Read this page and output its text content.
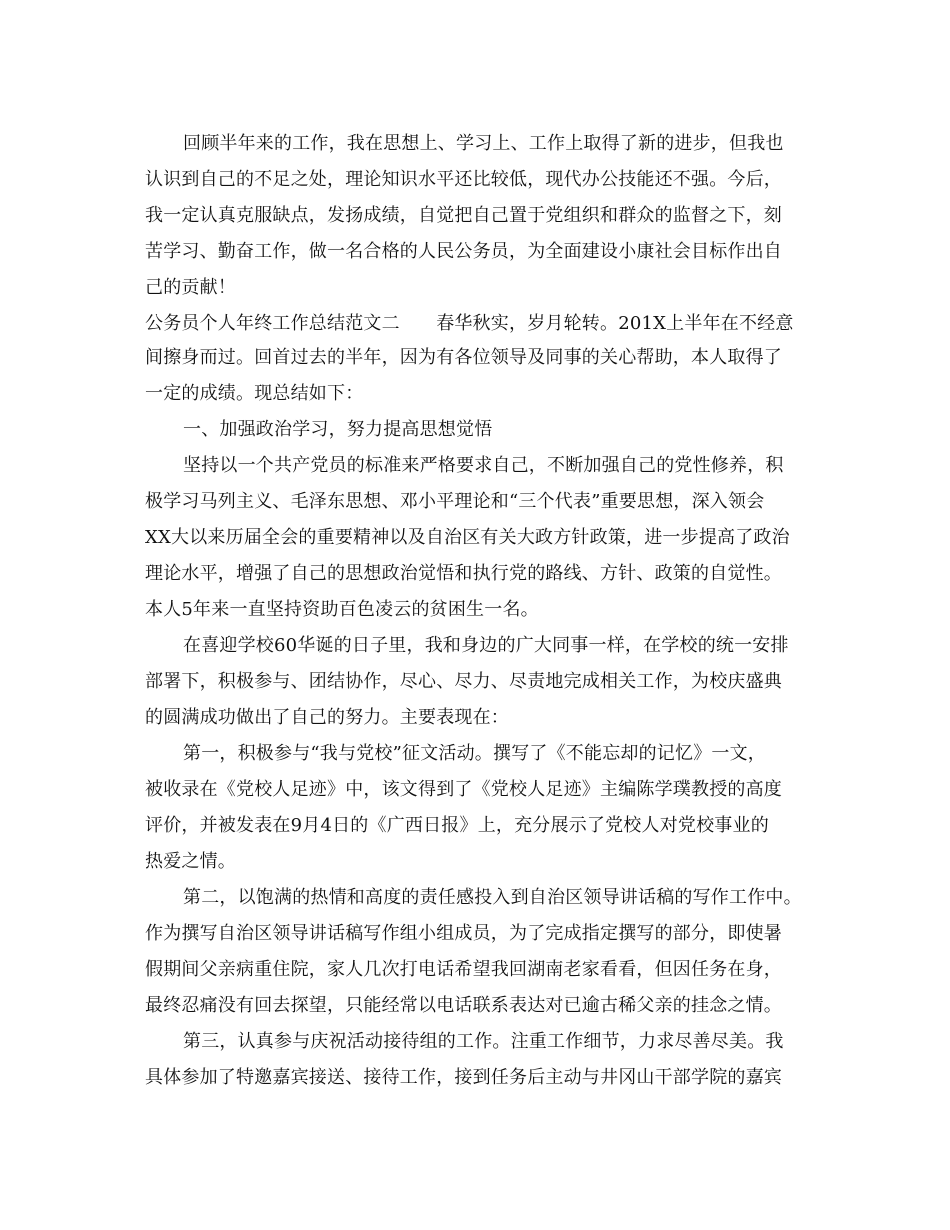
回顾半年来的工作，我在思想上、学习上、工作上取得了新的进步，但我也
认识到自己的不足之处，理论知识水平还比较低，现代办公技能还不强。今后，
我一定认真克服缺点，发扬成绩，自觉把自己置于党组织和群众的监督之下，刻
苦学习、勤奋工作，做一名合格的人民公务员，为全面建设小康社会目标作出自
己的贡献！
公务员个人年终工作总结范文二　　春华秋实，岁月轮转。201X上半年在不经意
间擦身而过。回首过去的半年，因为有各位领导及同事的关心帮助，本人取得了
一定的成绩。现总结如下：
一、加强政治学习，努力提高思想觉悟
坚持以一个共产党员的标准来严格要求自己，不断加强自己的党性修养，积
极学习马列主义、毛泽东思想、邓小平理论和“三个代表”重要思想，深入领会
XX大以来历届全会的重要精神以及自治区有关大政方针政策，进一步提高了政治
理论水平，增强了自己的思想政治觉悟和执行党的路线、方针、政策的自觉性。
本人5年来一直坚持资助百色凌云的贫困生一名。
在喜迎学校60华诞的日子里，我和身边的广大同事一样，在学校的统一安排
部署下，积极参与、团结协作，尽心、尽力、尽责地完成相关工作，为校庆盛典
的圆满成功做出了自己的努力。主要表现在：
第一，积极参与“我与党校”征文活动。撰写了《不能忘却的记忆》一文，
被收录在《党校人足迹》中，该文得到了《党校人足迹》主编陈学璞教授的高度
评价，并被发表在9月4日的《广西日报》上，充分展示了党校人对党校事业的
热爱之情。
第二，以饱满的热情和高度的责任感投入到自治区领导讲话稿的写作工作中。
作为撰写自治区领导讲话稿写作组小组成员，为了完成指定撰写的部分，即使暑
假期间父亲病重住院，家人几次打电话希望我回湖南老家看看，但因任务在身，
最终忍痛没有回去探望，只能经常以电话联系表达对已逾古稀父亲的挂念之情。
第三，认真参与庆祝活动接待组的工作。注重工作细节，力求尽善尽美。我
具体参加了特邀嘉宾接送、接待工作，接到任务后主动与井冈山干部学院的嘉宾
